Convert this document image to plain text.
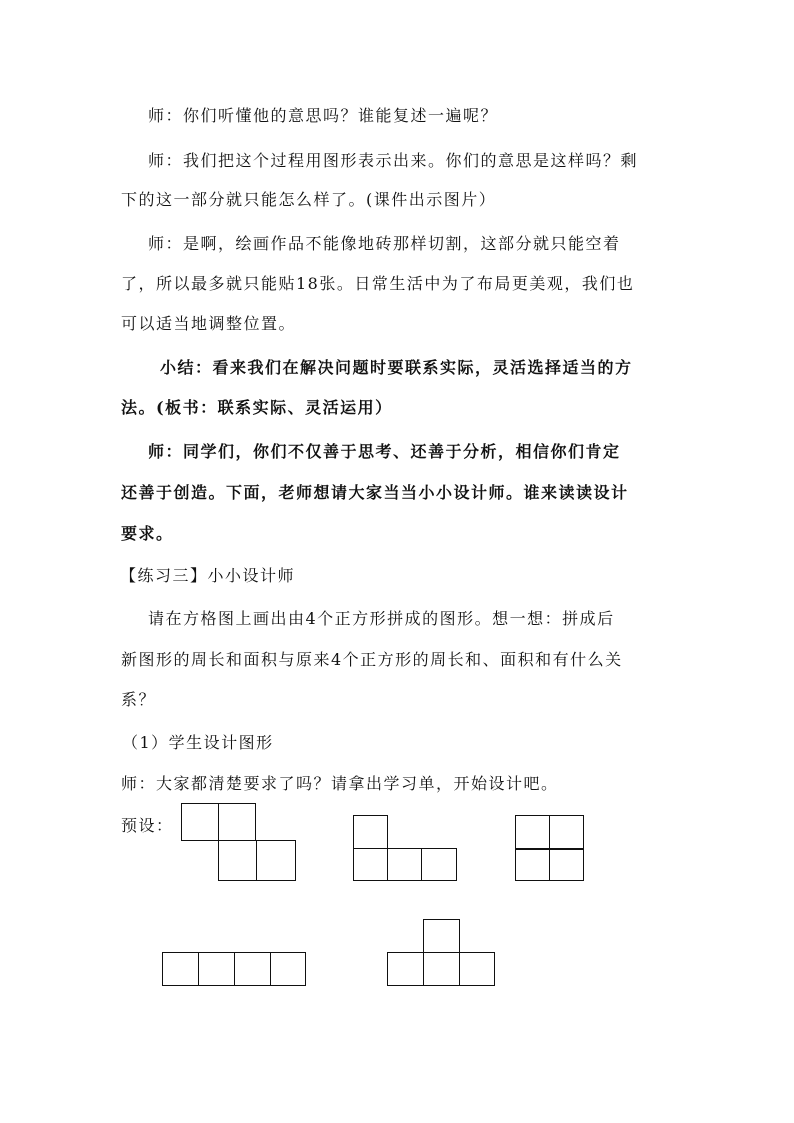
师：你们听懂他的意思吗？谁能复述一遍呢？
师：我们把这个过程用图形表示出来。你们的意思是这样吗？剩
下的这一部分就只能怎么样了。(课件出示图片）
师：是啊，绘画作品不能像地砖那样切割，这部分就只能空着
了，所以最多就只能贴18张。日常生活中为了布局更美观，我们也
可以适当地调整位置。
小结：看来我们在解决问题时要联系实际，灵活选择适当的方
法。(板书：联系实际、灵活运用）
师：同学们，你们不仅善于思考、还善于分析，相信你们肯定
还善于创造。下面，老师想请大家当当小小设计师。谁来读读设计
要求。
【练习三】小小设计师
请在方格图上画出由4个正方形拼成的图形。想一想：拼成后
新图形的周长和面积与原来4个正方形的周长和、面积和有什么关
系？
（1）学生设计图形
师：大家都清楚要求了吗？请拿出学习单，开始设计吧。
预设：
